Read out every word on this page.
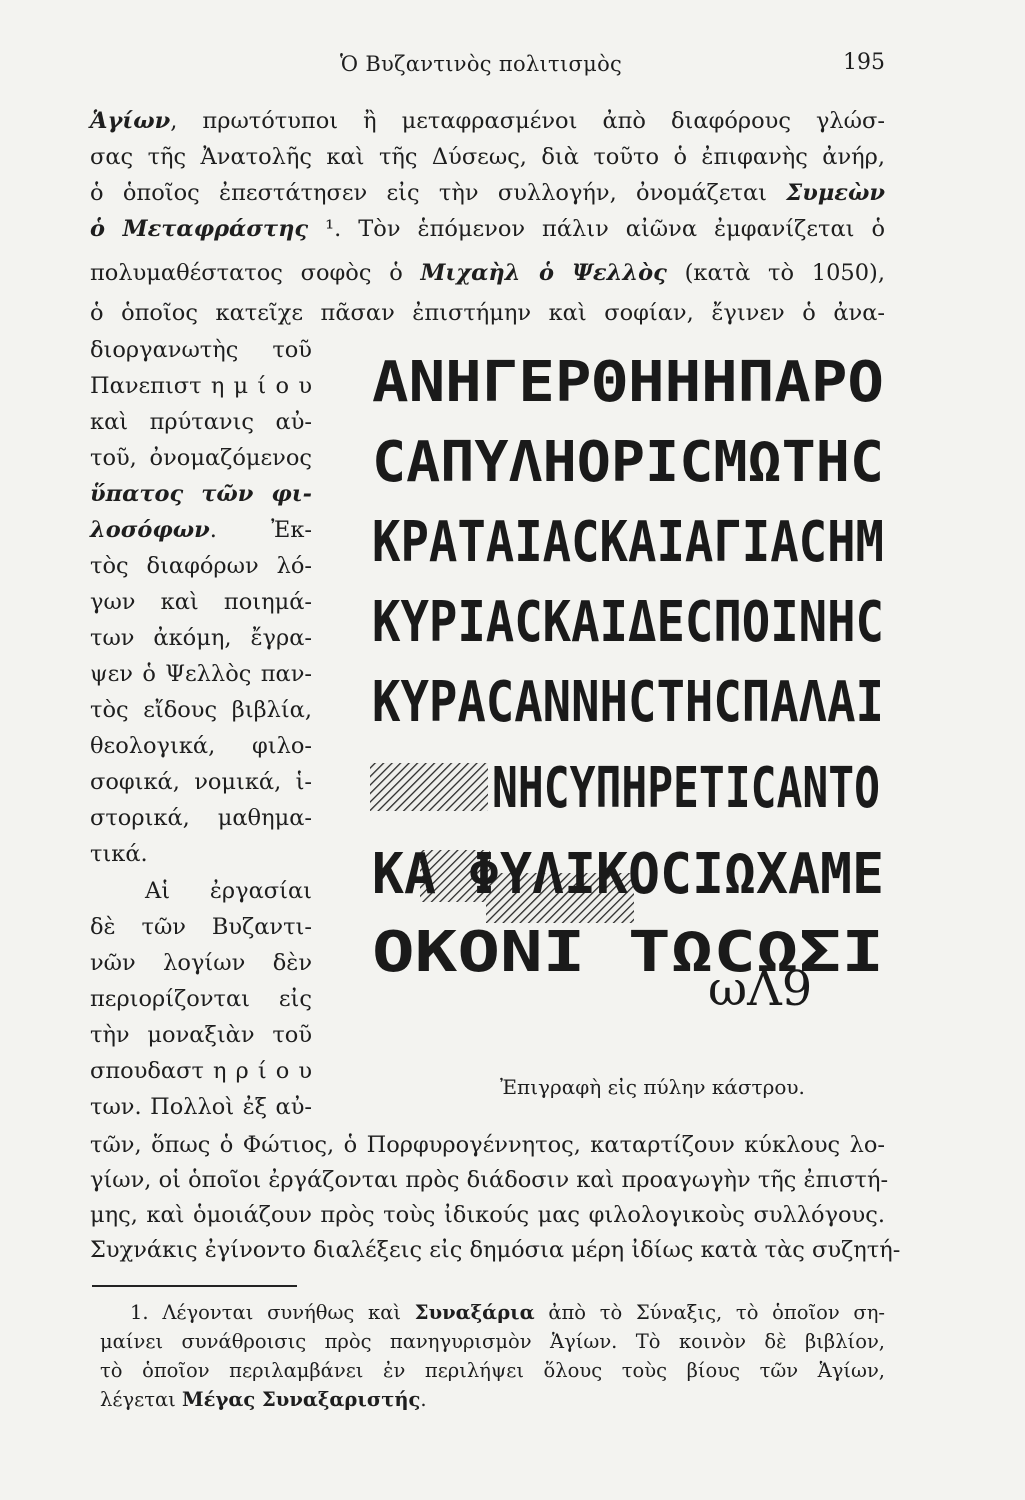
Ὁ Βυζαντινὸς πολιτισμὸς	195
Ἁγίων, πρωτότυποι ἢ μεταφρασμένοι ἀπὸ διαφόρους γλώσ-
σας τῆς Ἀνατολῆς καὶ τῆς Δύσεως, διὰ τοῦτο ὁ ἐπιφανὴς ἀνήρ,
ὁ ὁποῖος ἐπεστάτησεν εἰς τὴν συλλογήν, ὀνομάζεται Συμεὼν
ὁ Μεταφράστης ¹. Τὸν ἑπόμενον πάλιν αἰῶνα ἐμφανίζεται ὁ
πολυμαθέστατος σοφὸς ὁ Μιχαὴλ ὁ Ψελλὸς (κατὰ τὸ 1050),
ὁ ὁποῖος κατεῖχε πᾶσαν ἐπιστήμην καὶ σοφίαν, ἔγινεν ὁ ἀνα-
διοργανωτὴς τοῦ
Πανεπιστ η μ ί ο υ
καὶ πρύτανις αὐ-
τοῦ, ὀνομαζόμενος
ὕπατος τῶν φι-
λοσόφων. Ἐκ-
τὸς διαφόρων λό-
γων καὶ ποιημά-
των ἀκόμη, ἔγρα-
ψεν ὁ Ψελλὸς παν-
τὸς εἴδους βιβλία,
θεολογικά, φιλο-
σοφικά, νομικά, ἱ-
στορικά, μαθημα-
τικά.
Αἱ ἐργασίαι
δὲ τῶν Βυζαντι-
νῶν λογίων δὲν
περιορίζονται εἰς
τὴν μοναξιὰν τοῦ
σπουδαστ η ρ ί ο υ
των. Πολλοὶ ἐξ αὐ-
ΑΝΗΓΕΡΘΗΗΗΠΑΡΟ
CΑΠΥΛΗΟΡΙCΜΩΤΗC
ΚΡΑΤΑΙΑCΚΑΙΑΓΙΑCΗΜ
ΚΥΡΙΑCΚΑΙΔΕCΠΟΙΝΗC
ΚΥΡΑCΑΝΝΗCΤΗCΠΑΛΑΙ
ΝΗCΥΠΗΡΕΤΙCΑΝΤΟ
ΚΑ ΦΥΛΙΚΟCΙΩΧΑΜΕ
ΟΚΟΝΙ ΤΩCΩΣΙ
ωΛ9
Ἐπιγραφὴ εἰς πύλην κάστρου.
τῶν, ὅπως ὁ Φώτιος, ὁ Πορφυρογέννητος, καταρτίζουν κύκλους λο-
γίων, οἱ ὁποῖοι ἐργάζονται πρὸς διάδοσιν καὶ προαγωγὴν τῆς ἐπιστή-
μης, καὶ ὁμοιάζουν πρὸς τοὺς ἰδικούς μας φιλολογικοὺς συλλόγους.
Συχνάκις ἐγίνοντο διαλέξεις εἰς δημόσια μέρη ἰδίως κατὰ τὰς συζητή-
1. Λέγονται συνήθως καὶ Συναξάρια ἀπὸ τὸ Σύναξις, τὸ ὁποῖον ση-
μαίνει συνάθροισις πρὸς πανηγυρισμὸν Ἁγίων. Τὸ κοινὸν δὲ βιβλίον,
τὸ ὁποῖον περιλαμβάνει ἐν περιλήψει ὅλους τοὺς βίους τῶν Ἁγίων,
λέγεται Μέγας Συναξαριστής.
